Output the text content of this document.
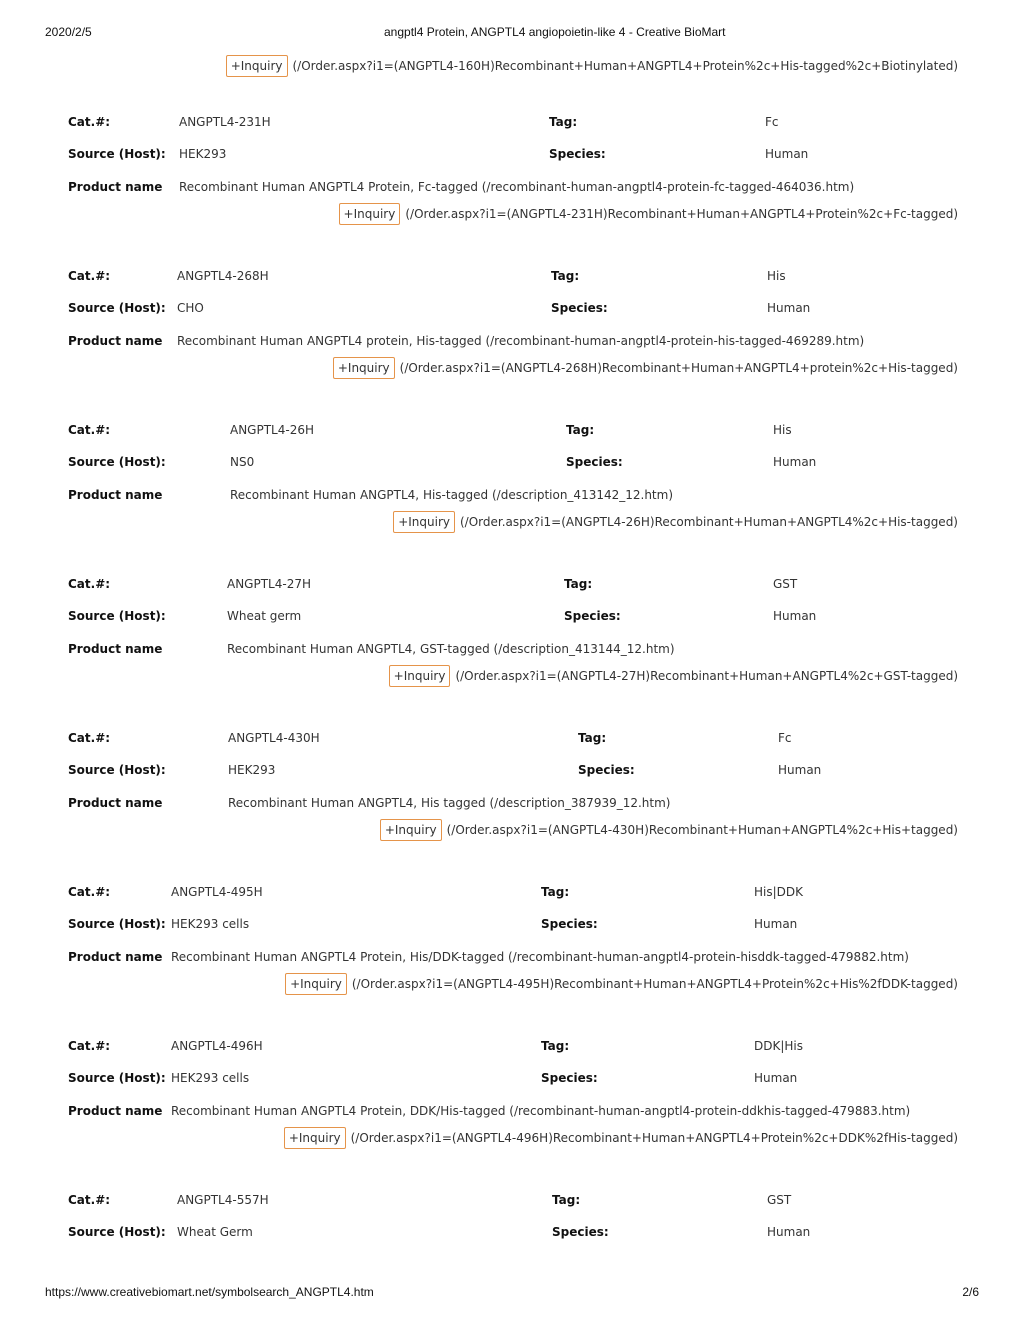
2020/2/5	angptl4 Protein, ANGPTL4 angiopoietin-like 4 - Creative BioMart
+Inquiry (/Order.aspx?i1=(ANGPTL4-160H)Recombinant+Human+ANGPTL4+Protein%2c+His-tagged%2c+Biotinylated)
Cat.#:	ANGPTL4-231H	Tag:	Fc
Source (Host): HEK293	Species:	Human
Product name Recombinant Human ANGPTL4 Protein, Fc-tagged (/recombinant-human-angptl4-protein-fc-tagged-464036.htm)
+Inquiry (/Order.aspx?i1=(ANGPTL4-231H)Recombinant+Human+ANGPTL4+Protein%2c+Fc-tagged)
Cat.#:	ANGPTL4-268H	Tag:	His
Source (Host): CHO	Species:	Human
Product name Recombinant Human ANGPTL4 protein, His-tagged (/recombinant-human-angptl4-protein-his-tagged-469289.htm)
+Inquiry (/Order.aspx?i1=(ANGPTL4-268H)Recombinant+Human+ANGPTL4+protein%2c+His-tagged)
Cat.#:	ANGPTL4-26H	Tag:	His
Source (Host):	NS0	Species:	Human
Product name	Recombinant Human ANGPTL4, His-tagged (/description_413142_12.htm)
+Inquiry (/Order.aspx?i1=(ANGPTL4-26H)Recombinant+Human+ANGPTL4%2c+His-tagged)
Cat.#:	ANGPTL4-27H	Tag:	GST
Source (Host):	Wheat germ	Species:	Human
Product name	Recombinant Human ANGPTL4, GST-tagged (/description_413144_12.htm)
+Inquiry (/Order.aspx?i1=(ANGPTL4-27H)Recombinant+Human+ANGPTL4%2c+GST-tagged)
Cat.#:	ANGPTL4-430H	Tag:	Fc
Source (Host):	HEK293	Species:	Human
Product name	Recombinant Human ANGPTL4, His tagged (/description_387939_12.htm)
+Inquiry (/Order.aspx?i1=(ANGPTL4-430H)Recombinant+Human+ANGPTL4%2c+His+tagged)
Cat.#:	ANGPTL4-495H	Tag:	His|DDK
Source (Host): HEK293 cells	Species:	Human
Product name Recombinant Human ANGPTL4 Protein, His/DDK-tagged (/recombinant-human-angptl4-protein-hisddk-tagged-479882.htm)
+Inquiry (/Order.aspx?i1=(ANGPTL4-495H)Recombinant+Human+ANGPTL4+Protein%2c+His%2fDDK-tagged)
Cat.#:	ANGPTL4-496H	Tag:	DDK|His
Source (Host): HEK293 cells	Species:	Human
Product name Recombinant Human ANGPTL4 Protein, DDK/His-tagged (/recombinant-human-angptl4-protein-ddkhis-tagged-479883.htm)
+Inquiry (/Order.aspx?i1=(ANGPTL4-496H)Recombinant+Human+ANGPTL4+Protein%2c+DDK%2fHis-tagged)
Cat.#:	ANGPTL4-557H	Tag:	GST
Source (Host): Wheat Germ	Species:	Human
https://www.creativebiomart.net/symbolsearch_ANGPTL4.htm	2/6
